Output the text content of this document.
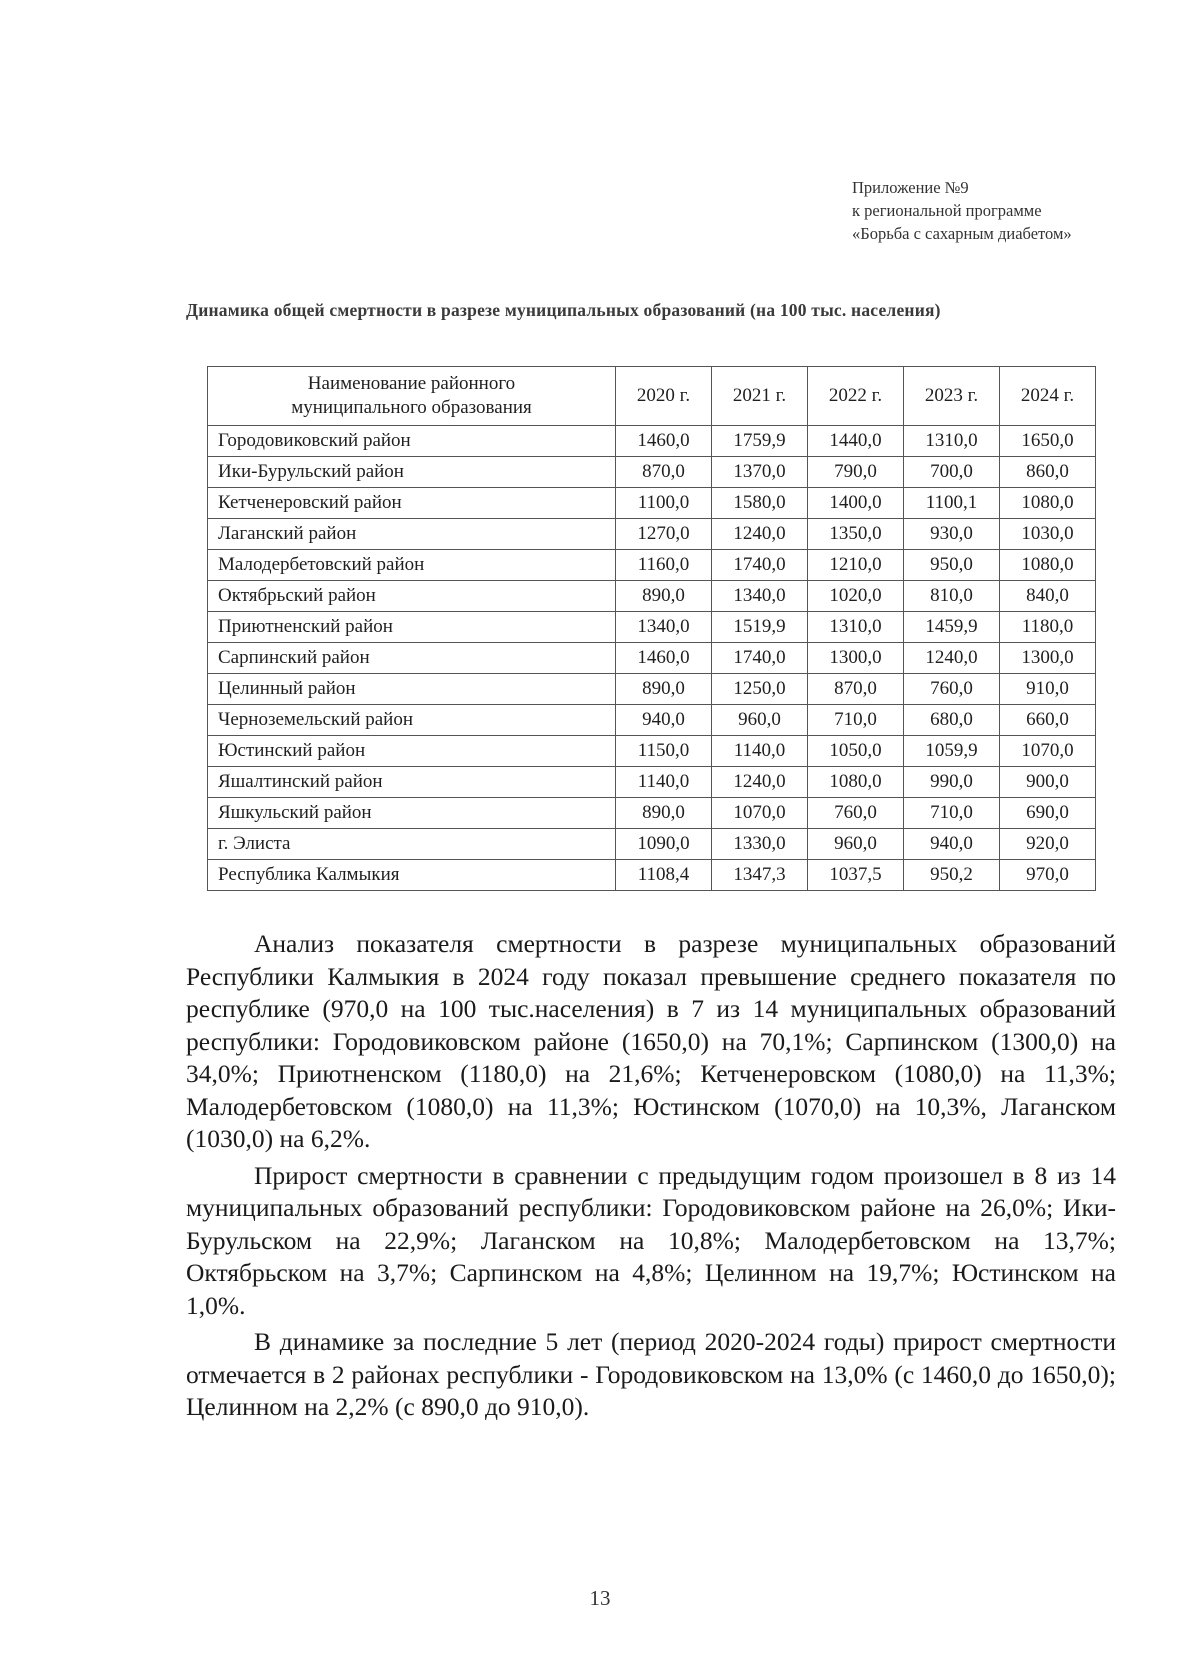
Приложение №9
к региональной программе
«Борьба с сахарным диабетом»
Динамика общей смертности в разрезе муниципальных образований (на 100 тыс. населения)
Наименование районного
муниципального образования	2020 г.	2021 г.	2022 г.	2023 г.	2024 г.
Городовиковский район	1460,0	1759,9	1440,0	1310,0	1650,0
Ики-Бурульский район	870,0	1370,0	790,0	700,0	860,0
Кетченеровский район	1100,0	1580,0	1400,0	1100,1	1080,0
Лаганский район	1270,0	1240,0	1350,0	930,0	1030,0
Малодербетовский район	1160,0	1740,0	1210,0	950,0	1080,0
Октябрьский район	890,0	1340,0	1020,0	810,0	840,0
Приютненский район	1340,0	1519,9	1310,0	1459,9	1180,0
Сарпинский район	1460,0	1740,0	1300,0	1240,0	1300,0
Целинный район	890,0	1250,0	870,0	760,0	910,0
Черноземельский район	940,0	960,0	710,0	680,0	660,0
Юстинский район	1150,0	1140,0	1050,0	1059,9	1070,0
Яшалтинский район	1140,0	1240,0	1080,0	990,0	900,0
Яшкульский район	890,0	1070,0	760,0	710,0	690,0
г. Элиста	1090,0	1330,0	960,0	940,0	920,0
Республика Калмыкия	1108,4	1347,3	1037,5	950,2	970,0

Анализ показателя смертности в разрезе муниципальных образований Республики Калмыкия в 2024 году показал превышение среднего показателя по республике (970,0 на 100 тыс.населения) в 7 из 14 муниципальных образований республики: Городовиковском районе (1650,0) на 70,1%; Сарпинском (1300,0) на 34,0%; Приютненском (1180,0) на 21,6%; Кетченеровском (1080,0) на 11,3%; Малодербетовском (1080,0) на 11,3%; Юстинском (1070,0) на 10,3%, Лаганском (1030,0) на 6,2%.

Прирост смертности в сравнении с предыдущим годом произошел в 8 из 14 муниципальных образований республики: Городовиковском районе на 26,0%; Ики-Бурульском на 22,9%; Лаганском на 10,8%; Малодербетовском на 13,7%; Октябрьском на 3,7%; Сарпинском на 4,8%; Целинном на 19,7%; Юстинском на 1,0%.

В динамике за последние 5 лет (период 2020-2024 годы) прирост смертности отмечается в 2 районах республики - Городовиковском на 13,0% (с 1460,0 до 1650,0); Целинном на 2,2% (с 890,0 до 910,0).

13
